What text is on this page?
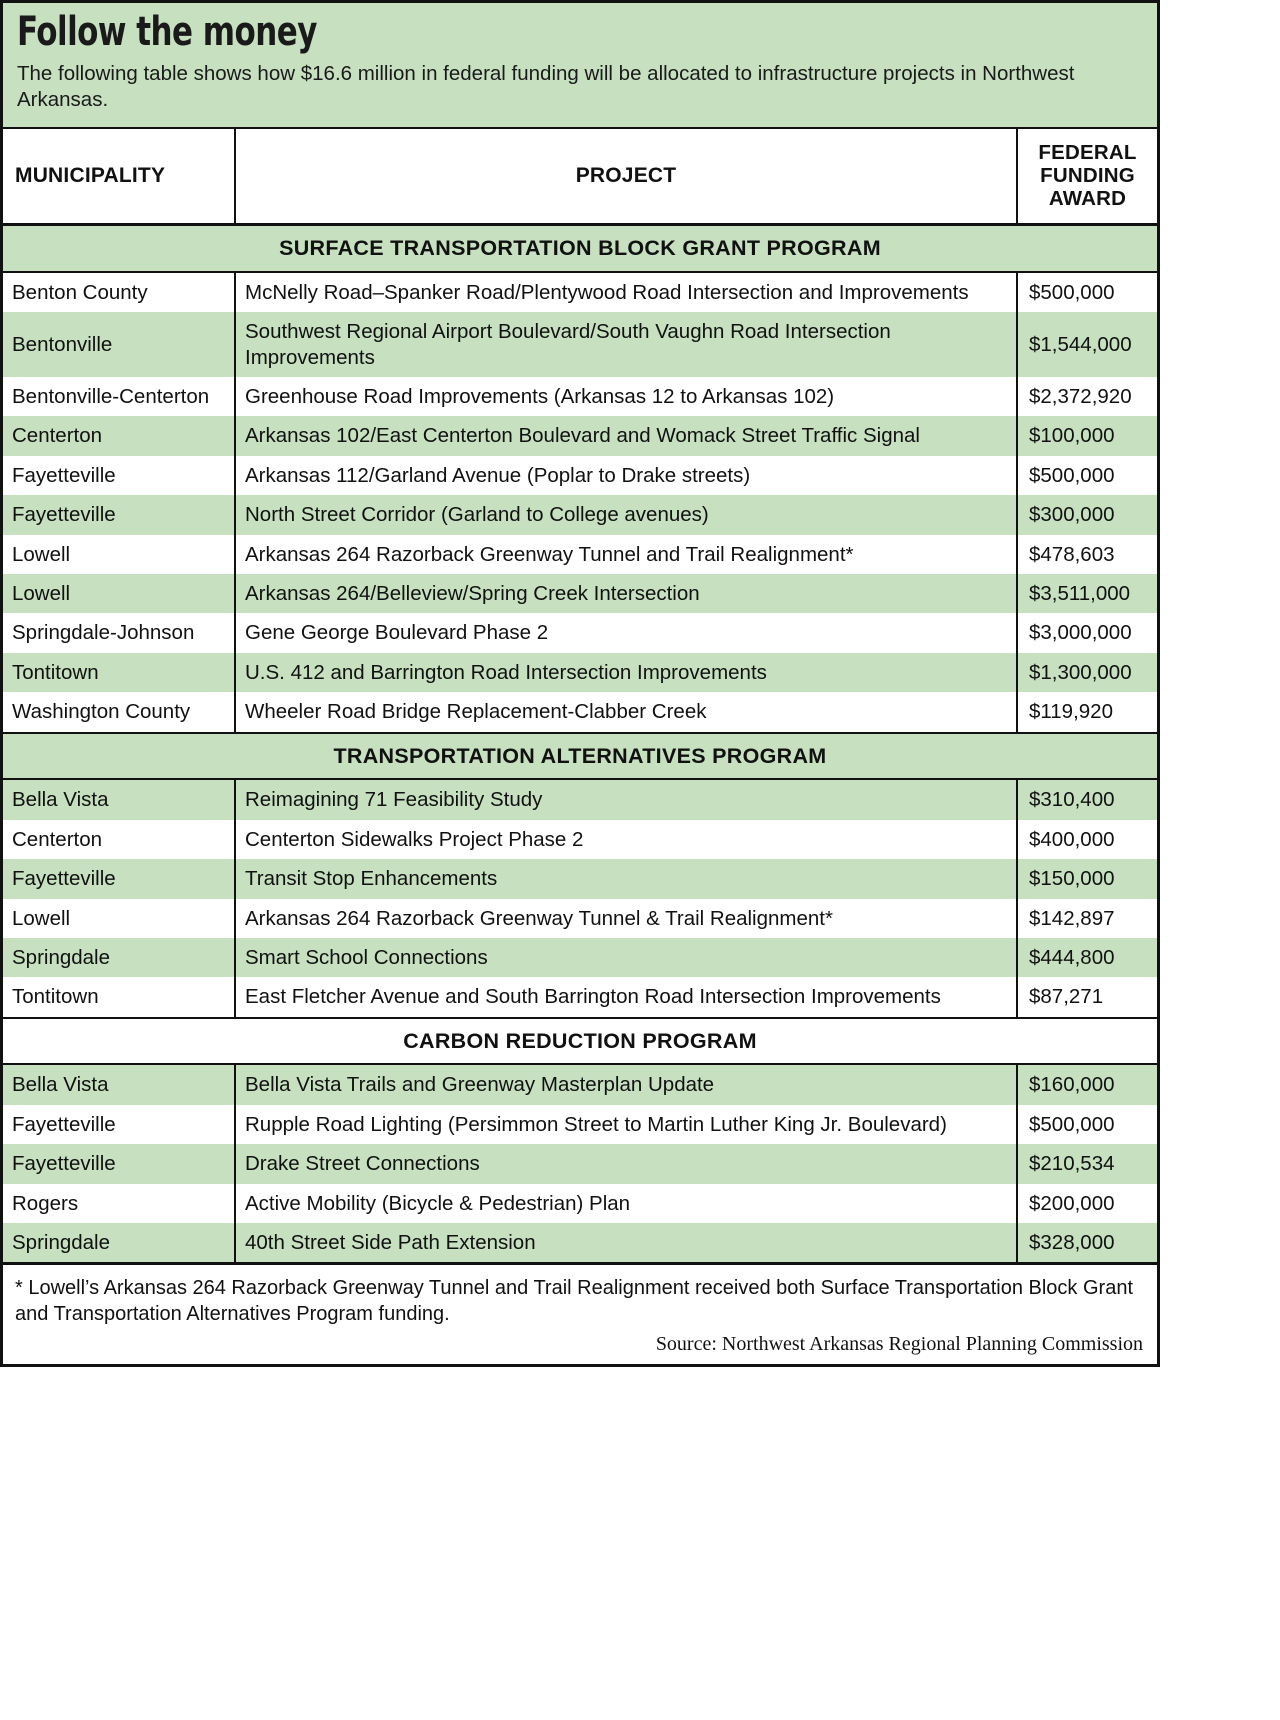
Follow the money
The following table shows how $16.6 million in federal funding will be allocated to infrastructure projects in Northwest Arkansas.
MUNICIPALITY	PROJECT	FEDERAL
FUNDING
AWARD

SURFACE TRANSPORTATION BLOCK GRANT PROGRAM		
Benton County	McNelly Road–Spanker Road/Plentywood Road Intersection and Improvements	$500,000
Bentonville	Southwest Regional Airport Boulevard/South Vaughn Road Intersection Improvements	$1,544,000
Bentonville-Centerton	Greenhouse Road Improvements (Arkansas 12 to Arkansas 102)	$2,372,920
Centerton	Arkansas 102/East Centerton Boulevard and Womack Street Traffic Signal	$100,000
Fayetteville	Arkansas 112/Garland Avenue (Poplar to Drake streets)	$500,000
Fayetteville	North Street Corridor (Garland to College avenues)	$300,000
Lowell	Arkansas 264 Razorback Greenway Tunnel and Trail Realignment*	$478,603
Lowell	Arkansas 264/Belleview/Spring Creek Intersection	$3,511,000
Springdale-Johnson	Gene George Boulevard Phase 2	$3,000,000
Tontitown	U.S. 412 and Barrington Road Intersection Improvements	$1,300,000
Washington County	Wheeler Road Bridge Replacement-Clabber Creek	$119,920
TRANSPORTATION ALTERNATIVES PROGRAM		
Bella Vista	Reimagining 71 Feasibility Study	$310,400
Centerton	Centerton Sidewalks Project Phase 2	$400,000
Fayetteville	Transit Stop Enhancements	$150,000
Lowell	Arkansas 264 Razorback Greenway Tunnel & Trail Realignment*	$142,897
Springdale	Smart School Connections	$444,800
Tontitown	East Fletcher Avenue and South Barrington Road Intersection Improvements	$87,271
CARBON REDUCTION PROGRAM		
Bella Vista	Bella Vista Trails and Greenway Masterplan Update	$160,000
Fayetteville	Rupple Road Lighting (Persimmon Street to Martin Luther King Jr. Boulevard)	$500,000
Fayetteville	Drake Street Connections	$210,534
Rogers	Active Mobility (Bicycle & Pedestrian) Plan	$200,000
Springdale	40th Street Side Path Extension	$328,000
* Lowell’s Arkansas 264 Razorback Greenway Tunnel and Trail Realignment received both Surface Transportation Block Grant and Transportation Alternatives Program funding.
Source: Northwest Arkansas Regional Planning Commission
